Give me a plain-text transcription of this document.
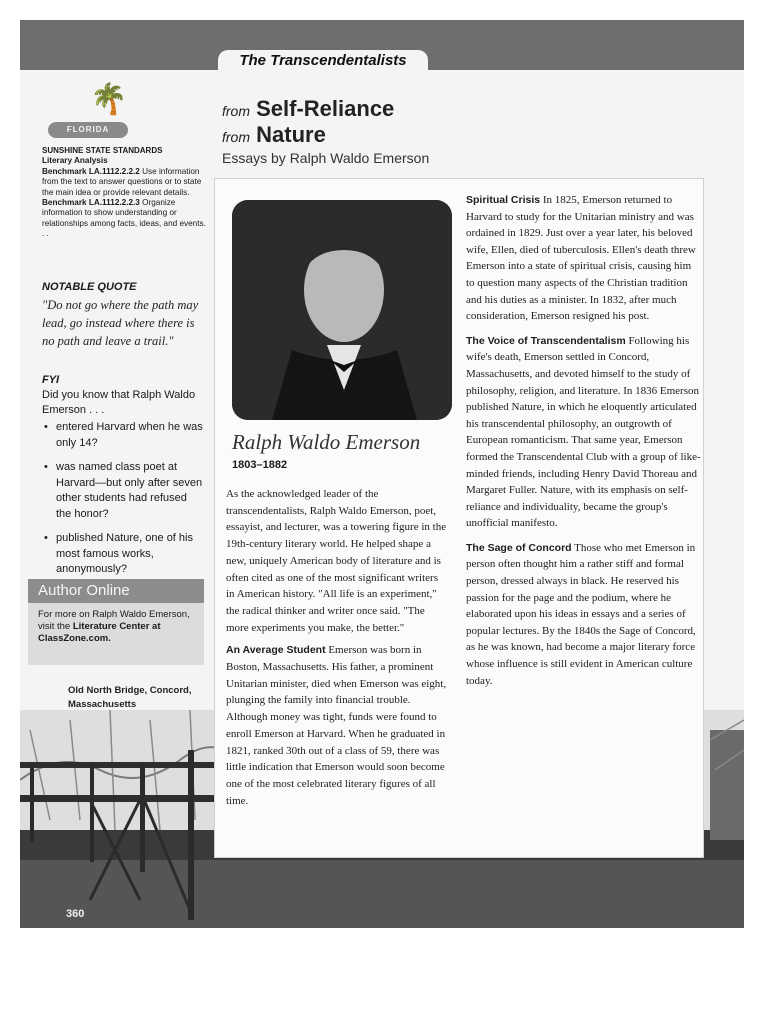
The Transcendentalists
360
🌴
FLORIDA
SUNSHINE STATE STANDARDS
Literary Analysis
Benchmark LA.1112.2.2.2 Use information from the text to answer questions or to state the main idea or provide relevant details.
Benchmark LA.1112.2.2.3 Organize information to show understanding or relationships among facts, ideas, and events. . .
NOTABLE QUOTE
"Do not go where the path may lead, go instead where there is no path and leave a trail."
FYI
Did you know that Ralph Waldo Emerson . . .
• entered Harvard when he was only 14?
• was named class poet at Harvard—but only after seven other students had refused the honor?
• published Nature, one of his most famous works, anonymously?
Author Online
For more on Ralph Waldo Emerson, visit the Literature Center at ClassZone.com.
Old North Bridge, Concord, Massachusetts
from Self-Reliance
from Nature
Essays by Ralph Waldo Emerson
Ralph Waldo Emerson
1803–1882

As the acknowledged leader of the transcendentalists, Ralph Waldo Emerson, poet, essayist, and lecturer, was a towering figure in the 19th-century literary world. He helped shape a new, uniquely American body of literature and is often cited as one of the most significant writers in American history. "All life is an experiment," the radical thinker and writer once said. "The more experiments you make, the better."

An Average Student Emerson was born in Boston, Massachusetts. His father, a prominent Unitarian minister, died when Emerson was eight, plunging the family into financial trouble. Although money was tight, funds were found to enroll Emerson at Harvard. When he graduated in 1821, ranked 30th out of a class of 59, there was little indication that Emerson would soon become one of the most celebrated literary figures of all time.

Spiritual Crisis In 1825, Emerson returned to Harvard to study for the Unitarian ministry and was ordained in 1829. Just over a year later, his beloved wife, Ellen, died of tuberculosis. Ellen's death threw Emerson into a state of spiritual crisis, causing him to question many aspects of the Christian tradition and his duties as a minister. In 1832, after much consideration, Emerson resigned his post.

The Voice of Transcendentalism Following his wife's death, Emerson settled in Concord, Massachusetts, and devoted himself to the study of philosophy, religion, and literature. In 1836 Emerson published Nature, in which he eloquently articulated his transcendental philosophy, an outgrowth of European romanticism. That same year, Emerson formed the Transcendental Club with a group of like-minded friends, including Henry David Thoreau and Margaret Fuller. Nature, with its emphasis on self-reliance and individuality, became the group's unofficial manifesto.

The Sage of Concord Those who met Emerson in person often thought him a rather stiff and formal person, dressed always in black. He reserved his passion for the page and the podium, where he elaborated upon his ideas in essays and a series of popular lectures. By the 1840s the Sage of Concord, as he was known, had become a major literary force whose influence is still evident in American culture today.
